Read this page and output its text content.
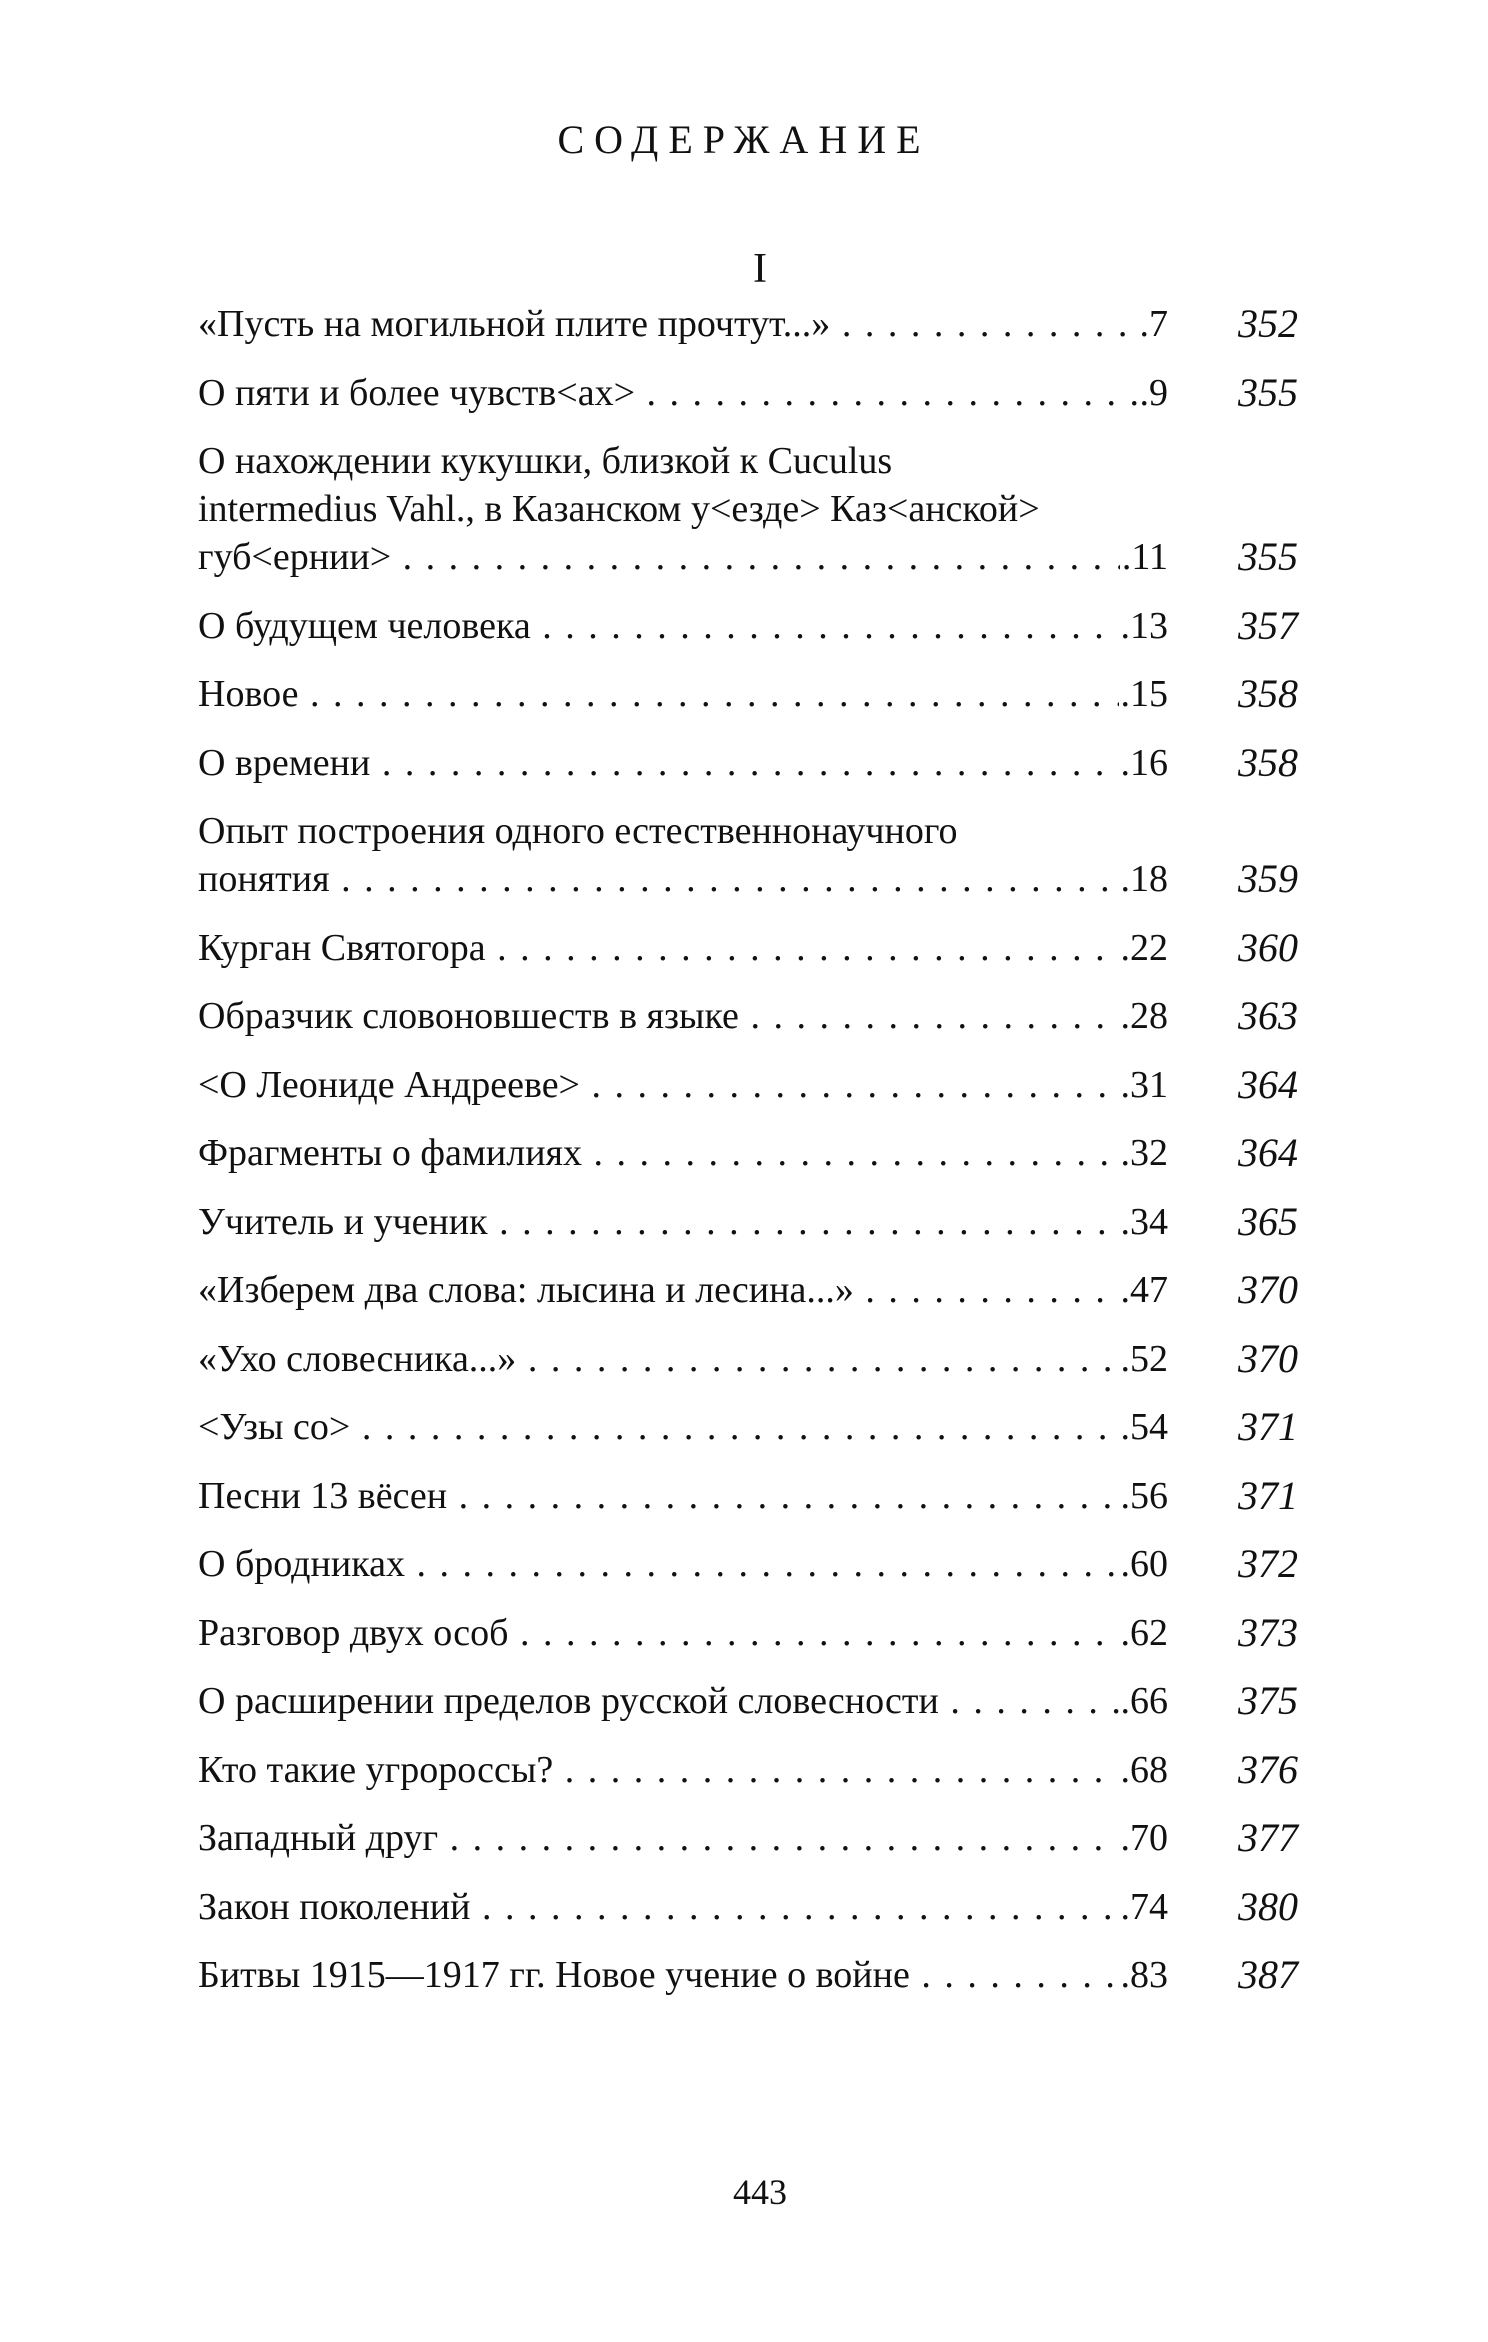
СОДЕРЖАНИЕ
I
«Пусть на могильной плите прочтут...» . . .	.7	352
О пяти и более чувств<ах> . . .	.9	355
О нахождении кукушки, близкой к Cuculus
intermedius Vahl., в Казанском у<езде> Каз<анской>
губ<ернии> . . .	.11	355
О будущем человека . . .	.13	357
Новое . . .	.15	358
О времени . . .	.16	358
Опыт построения одного естественнонаучного
понятия . . .	.18	359
Курган Святогора . . .	.22	360
Образчик словоновшеств в языке . . .	.28	363
<О Леониде Андрееве> . . .	.31	364
Фрагменты о фамилиях . . .	.32	364
Учитель и ученик . . .	.34	365
«Изберем два слова: лысина и лесина...» . . .	.47	370
«Ухо словесника...» . . .	.52	370
<Узы со> . . .	.54	371
Песни 13 вёсен . . .	.56	371
О бродниках . . .	.60	372
Разговор двух особ . . .	.62	373
О расширении пределов русской словесности . . .	.66	375
Кто такие угророссы? . . .	.68	376
Западный друг . . .	.70	377
Закон поколений . . .	.74	380
Битвы 1915—1917 гг. Новое учение о войне . . .	.83	387
443
